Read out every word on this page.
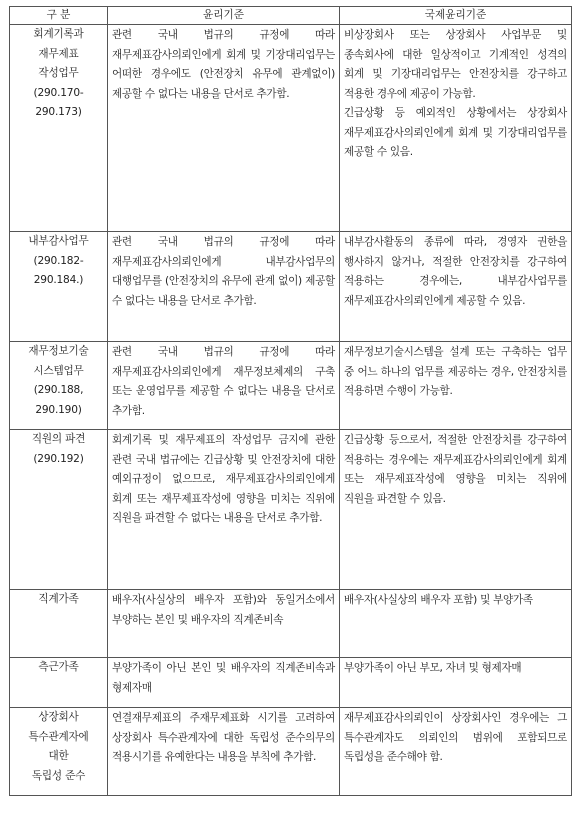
구 분	윤리기준	국제윤리기준

회계기록과
재무제표
작성업무
(290.170-
290.173)	관련 국내 법규의 규정에 따라 재무제표감사의뢰인에게 회계 및 기장대리업무는 어떠한 경우에도 (안전장치 유무에 관계없이) 제공할 수 없다는 내용을 단서로 추가함.	비상장회사 또는 상장회사 사업부문 및 종속회사에 대한 일상적이고 기계적인 성격의 회계 및 기장대리업무는 안전장치를 강구하고 적용한 경우에 제공이 가능함.
긴급상황 등 예외적인 상황에서는 상장회사 재무제표감사의뢰인에게 회계 및 기장대리업무를 제공할 수 있음.

내부감사업무
(290.182-
290.184.)	관련 국내 법규의 규정에 따라 재무제표감사의뢰인에게 내부감사업무의 대행업무를 (안전장치의 유무에 관계 없이) 제공할 수 없다는 내용을 단서로 추가함.	내부감사활동의 종류에 따라, 경영자 권한을 행사하지 않거나, 적절한 안전장치를 강구하여 적용하는 경우에는, 내부감사업무를 재무제표감사의뢰인에게 제공할 수 있음.

재무정보기술
시스템업무
(290.188,
290.190)	관련 국내 법규의 규정에 따라 재무제표감사의뢰인에게 재무정보체제의 구축 또는 운영업무를 제공할 수 없다는 내용을 단서로 추가함.	재무정보기술시스템을 설계 또는 구축하는 업무 중 어느 하나의 업무를 제공하는 경우, 안전장치를 적용하면 수행이 가능함.

직원의 파견
(290.192)	회계기록 및 재무제표의 작성업무 금지에 관한 관련 국내 법규에는 긴급상황 및 안전장치에 대한 예외규정이 없으므로, 재무제표감사의뢰인에게 회계 또는 재무제표작성에 영향을 미치는 직위에 직원을 파견할 수 없다는 내용을 단서로 추가함.	긴급상황 등으로서, 적절한 안전장치를 강구하여 적용하는 경우에는 재무제표감사의뢰인에게 회계 또는 재무제표작성에 영향을 미치는 직위에 직원을 파견할 수 있음.

직계가족	배우자(사실상의 배우자 포함)와 동일거소에서 부양하는 본인 및 배우자의 직계존비속	배우자(사실상의 배우자 포함) 및 부양가족

측근가족	부양가족이 아닌 본인 및 배우자의 직계존비속과 형제자매	부양가족이 아닌 부모, 자녀 및 형제자매

상장회사
특수관계자에
대한
독립성 준수	연결재무제표의 주재무제표화 시기를 고려하여 상장회사 특수관계자에 대한 독립성 준수의무의 적용시기를 유예한다는 내용을 부칙에 추가함.	재무제표감사의뢰인이 상장회사인 경우에는 그 특수관계자도 의뢰인의 범위에 포함되므로 독립성을 준수해야 함.
